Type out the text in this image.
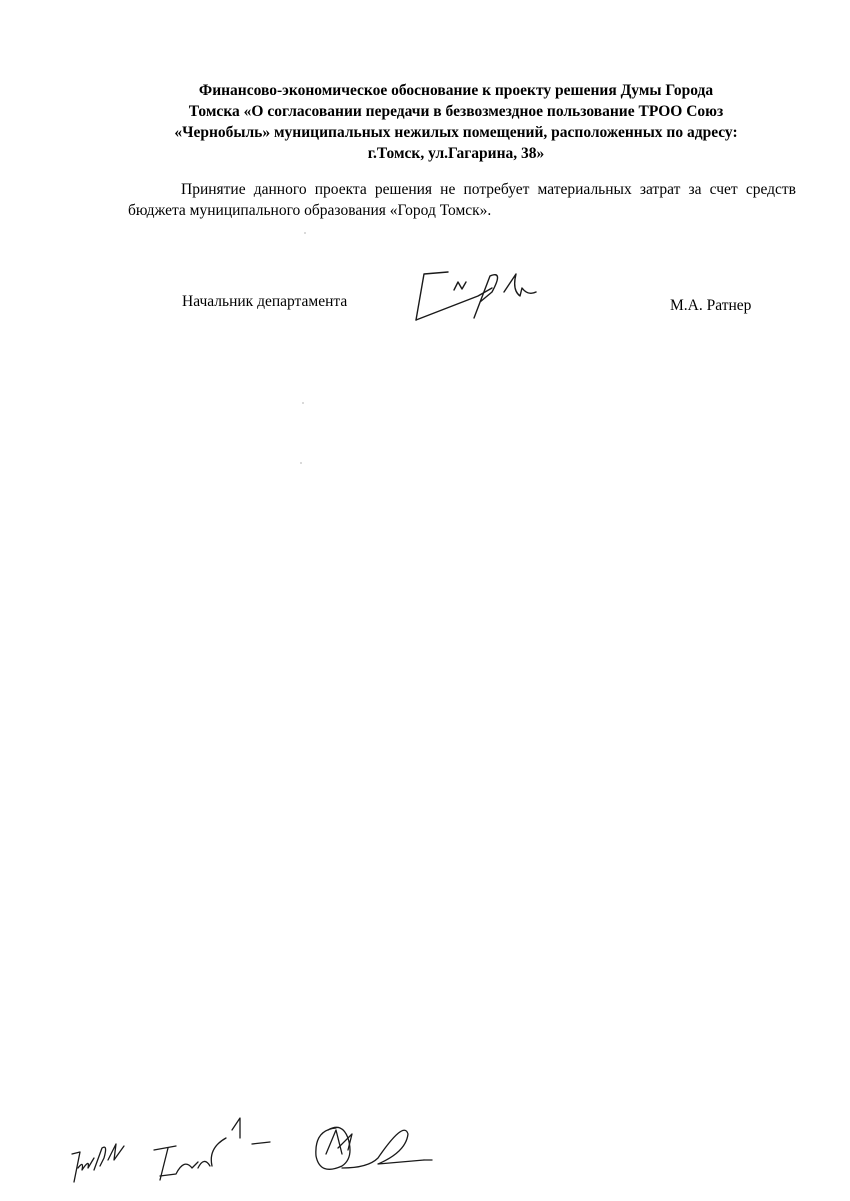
Финансово-экономическое обоснование к проекту решения Думы Города
Томска «О согласовании передачи в безвозмездное пользование ТРОО Союз
«Чернобыль» муниципальных нежилых помещений, расположенных по адресу:
г.Томск, ул.Гагарина, 38»
Принятие данного проекта решения не потребует материальных затрат за счет средств бюджета муниципального образования «Город Томск».
Начальник департамента	М.А. Ратнер
